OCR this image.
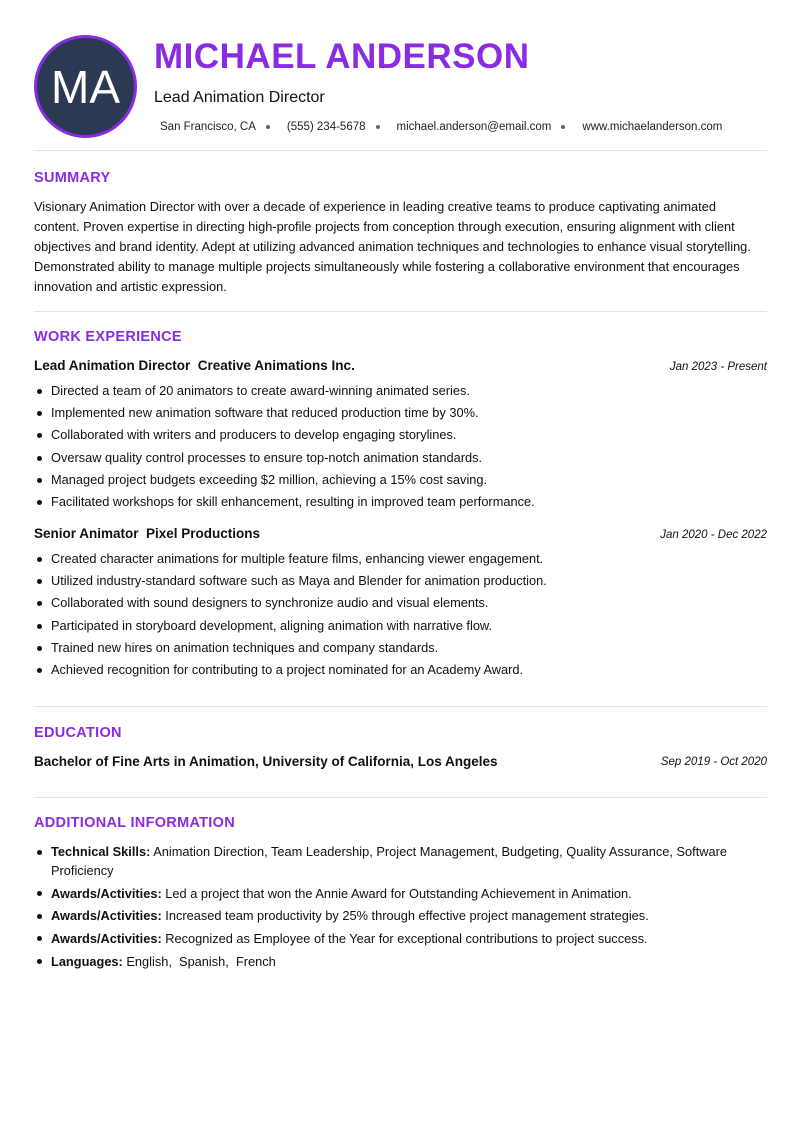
MA
MICHAEL ANDERSON
Lead Animation Director
San Francisco, CA	(555) 234-5678	michael.anderson@email.com	www.michaelanderson.com
SUMMARY

Visionary Animation Director with over a decade of experience in leading creative teams to produce captivating animated content. Proven expertise in directing high-profile projects from conception through execution, ensuring alignment with client objectives and brand identity. Adept at utilizing advanced animation techniques and technologies to enhance visual storytelling. Demonstrated ability to manage multiple projects simultaneously while fostering a collaborative environment that encourages innovation and artistic expression.

WORK EXPERIENCE
Lead Animation Director  Creative Animations Inc.	Jan 2023 - Present
Directed a team of 20 animators to create award-winning animated series.
Implemented new animation software that reduced production time by 30%.
Collaborated with writers and producers to develop engaging storylines.
Oversaw quality control processes to ensure top-notch animation standards.
Managed project budgets exceeding $2 million, achieving a 15% cost saving.
Facilitated workshops for skill enhancement, resulting in improved team performance.
Senior Animator  Pixel Productions	Jan 2020 - Dec 2022
Created character animations for multiple feature films, enhancing viewer engagement.
Utilized industry-standard software such as Maya and Blender for animation production.
Collaborated with sound designers to synchronize audio and visual elements.
Participated in storyboard development, aligning animation with narrative flow.
Trained new hires on animation techniques and company standards.
Achieved recognition for contributing to a project nominated for an Academy Award.
EDUCATION
Bachelor of Fine Arts in Animation, University of California, Los Angeles	Sep 2019 - Oct 2020
ADDITIONAL INFORMATION
Technical Skills: Animation Direction, Team Leadership, Project Management, Budgeting, Quality Assurance, Software Proficiency
Awards/Activities: Led a project that won the Annie Award for Outstanding Achievement in Animation.
Awards/Activities: Increased team productivity by 25% through effective project management strategies.
Awards/Activities: Recognized as Employee of the Year for exceptional contributions to project success.
Languages: English,  Spanish,  French
